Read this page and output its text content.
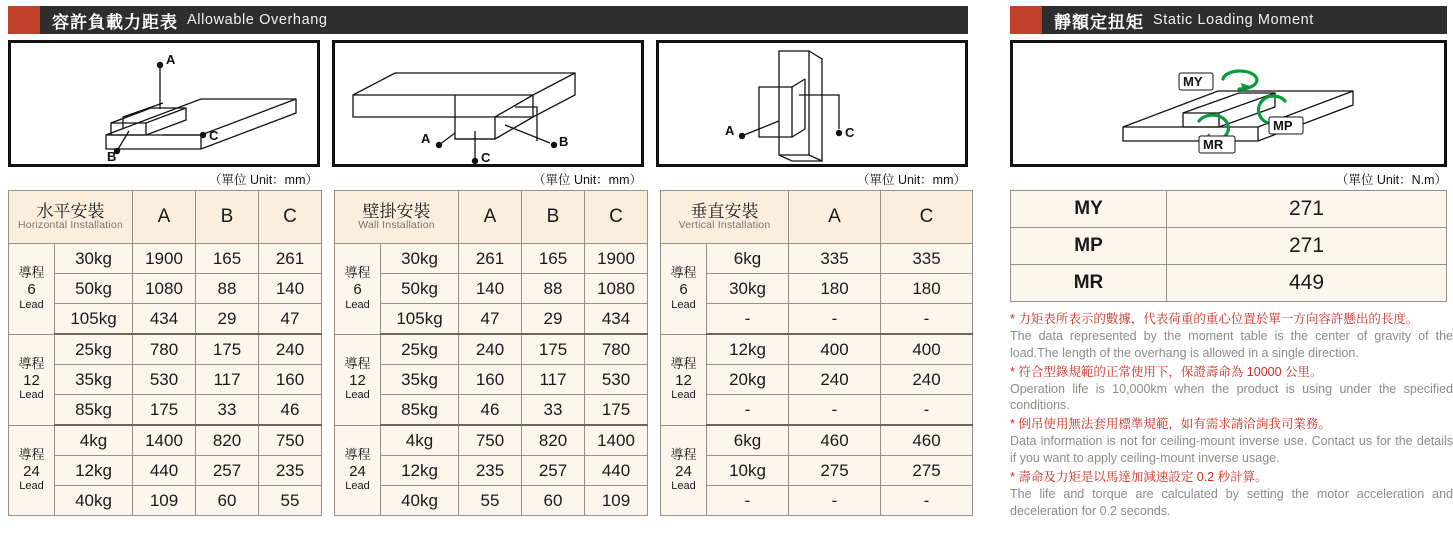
容許負載力距表 Allowable Overhang
A
C
B
（單位 Unit：mm）
A	B
C
（單位 Unit：mm）
C
A
（單位 Unit：mm）
水平安裝
Horizontal Installation		A	B	C

導程
6
Lead	30kg	1900	165	261
	50kg	1080	88	140
	105kg	434	29	47

導程
12
Lead	25kg	780	175	240
	35kg	530	117	160
	85kg	175	33	46

導程
24
Lead	4kg	1400	820	750
	12kg	440	257	235
	40kg	109	60	55
壁掛安裝
Wall Installation		A	B	C

導程
6
Lead	30kg	261	165	1900
	50kg	140	88	1080
	105kg	47	29	434

導程
12
Lead	25kg	240	175	780
	35kg	160	117	530
	85kg	46	33	175

導程
24
Lead	4kg	750	820	1400
	12kg	235	257	440
	40kg	55	60	109
垂直安裝
Vertical Installation		A	C

導程
6
Lead	6kg	335	335
	30kg	180	180
	-	-	-

導程
12
Lead	12kg	400	400
	20kg	240	240
	-	-	-

導程
24
Lead	6kg	460	460
	10kg	275	275
	-	-	-
靜額定扭矩 Static Loading Moment
MY
MP
MR
（單位 Unit：N.m）
MY	271
MP	271
MR	449

* 力矩表所表示的數據，代表荷重的重心位置於單一方向容許懸出的長度。

The data represented by the moment table is the center of gravity of the load.The length of the overhang is allowed in a single direction.

* 符合型錄規範的正常使用下，保證壽命為 10000 公里。

Operation life is 10,000km when the product is using under the specified conditions.

* 倒吊使用無法套用標準規範，如有需求請洽詢我司業務。

Data information is not for ceiling-mount inverse use. Contact us for the details if you want to apply ceiling-mount inverse usage.

* 壽命及力矩是以馬達加減速設定 0.2 秒計算。

The life and torque are calculated by setting the motor acceleration and deceleration for 0.2 seconds.
